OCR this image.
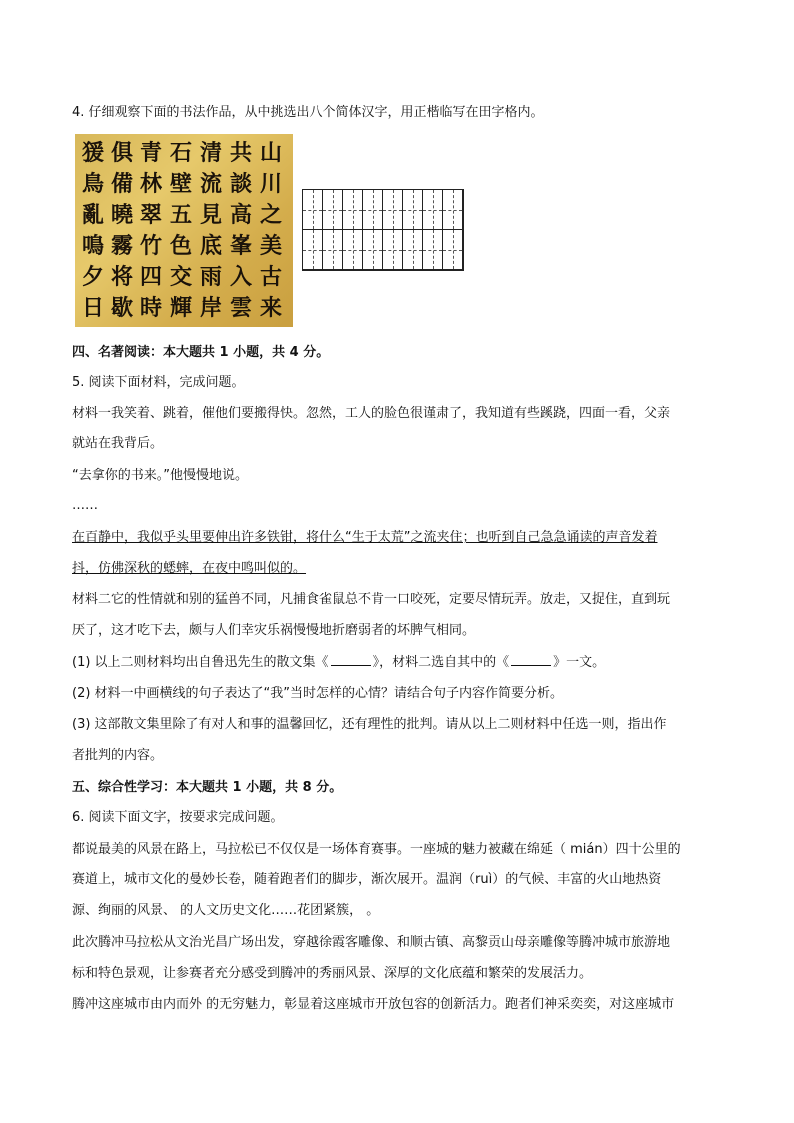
4. 仔细观察下面的书法作品，从中挑选出八个简体汉字，用正楷临写在田字格内。
山
川
之
美
古
来
共
談
高
峯
入
雲
清
流
見
底
雨
岸
石
壁
五
色
交
輝
青
林
翠
竹
四
時
俱
備
曉
霧
将
歇
猨
鳥
亂
鳴
夕
日
四、名著阅读：本大题共 1 小题，共 4 分。
5. 阅读下面材料，完成问题。
材料一我笑着、跳着，催他们要搬得快。忽然，工人的脸色很谨肃了，我知道有些蹊跷，四面一看，父亲
就站在我背后。
“去拿你的书来。”他慢慢地说。
……
在百静中，我似乎头里要伸出许多铁钳，将什么“生于太荒”之流夹住；也听到自己急急诵读的声音发着
抖，仿佛深秋的蟋蟀，在夜中鸣叫似的。
材料二它的性情就和别的猛兽不同，凡捕食雀鼠总不肯一口咬死，定要尽情玩弄。放走，又捉住，直到玩
厌了，这才吃下去，颇与人们幸灾乐祸慢慢地折磨弱者的坏脾气相同。
(1) 以上二则材料均出自鲁迅先生的散文集《	》，材料二选自其中的《	》一文。
(2) 材料一中画横线的句子表达了“我”当时怎样的心情？请结合句子内容作简要分析。
(3) 这部散文集里除了有对人和事的温馨回忆，还有理性的批判。请从以上二则材料中任选一则，指出作
者批判的内容。
五、综合性学习：本大题共 1 小题，共 8 分。
6. 阅读下面文字，按要求完成问题。
都说最美的风景在路上，马拉松已不仅仅是一场体育赛事。一座城的魅力被藏在绵延（ mián）四十公里的
赛道上，城市文化的曼妙长卷，随着跑者们的脚步，渐次展开。温润（ruì）的气候、丰富的火山地热资
源、绚丽的风景、 的人文历史文化……花团紧簇， 。
此次腾冲马拉松从文治光昌广场出发，穿越徐霞客雕像、和顺古镇、高黎贡山母亲雕像等腾冲城市旅游地
标和特色景观，让参赛者充分感受到腾冲的秀丽风景、深厚的文化底蕴和繁荣的发展活力。
腾冲这座城市由内而外 的无穷魅力，彰显着这座城市开放包容的创新活力。跑者们神采奕奕，对这座城市
